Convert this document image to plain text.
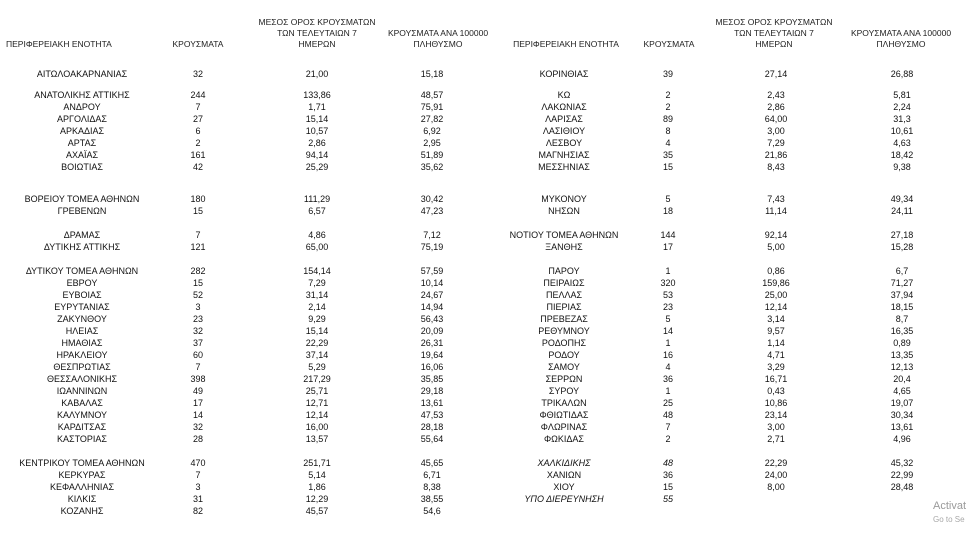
ΠΕΡΙΦΕΡΕΙΑΚΗ ΕΝΟΤΗΤΑ	ΚΡΟΥΣΜΑΤΑ
ΜΕΣΟΣ ΟΡΟΣ ΚΡΟΥΣΜΑΤΩΝ
ΤΩΝ ΤΕΛΕΥΤΑΙΩΝ 7
ΗΜΕΡΩΝ
ΚΡΟΥΣΜΑΤΑ ΑΝΑ 100000
ΠΛΗΘΥΣΜΟ	ΠΕΡΙΦΕΡΕΙΑΚΗ ΕΝΟΤΗΤΑ	ΚΡΟΥΣΜΑΤΑ
ΜΕΣΟΣ ΟΡΟΣ ΚΡΟΥΣΜΑΤΩΝ
ΤΩΝ ΤΕΛΕΥΤΑΙΩΝ 7
ΗΜΕΡΩΝ
ΚΡΟΥΣΜΑΤΑ ΑΝΑ 100000
ΠΛΗΘΥΣΜΟ
ΑΙΤΩΛΟΑΚΑΡΝΑΝΙΑΣ	32	21,00	15,18
ΑΝΑΤΟΛΙΚΗΣ ΑΤΤΙΚΗΣ	244	133,86	48,57
ΑΝΔΡΟΥ	7	1,71	75,91
ΑΡΓΟΛΙΔΑΣ	27	15,14	27,82
ΑΡΚΑΔΙΑΣ	6	10,57	6,92
ΑΡΤΑΣ	2	2,86	2,95
ΑΧΑΪΑΣ	161	94,14	51,89
ΒΟΙΩΤΙΑΣ	42	25,29	35,62
ΒΟΡΕΙΟΥ ΤΟΜΕΑ ΑΘΗΝΩΝ	180	111,29	30,42
ΓΡΕΒΕΝΩΝ	15	6,57	47,23
ΔΡΑΜΑΣ	7	4,86	7,12
ΔΥΤΙΚΗΣ ΑΤΤΙΚΗΣ	121	65,00	75,19
ΔΥΤΙΚΟΥ ΤΟΜΕΑ ΑΘΗΝΩΝ	282	154,14	57,59
ΕΒΡΟΥ	15	7,29	10,14
ΕΥΒΟΙΑΣ	52	31,14	24,67
ΕΥΡΥΤΑΝΙΑΣ	3	2,14	14,94
ΖΑΚΥΝΘΟΥ	23	9,29	56,43
ΗΛΕΙΑΣ	32	15,14	20,09
ΗΜΑΘΙΑΣ	37	22,29	26,31
ΗΡΑΚΛΕΙΟΥ	60	37,14	19,64
ΘΕΣΠΡΩΤΙΑΣ	7	5,29	16,06
ΘΕΣΣΑΛΟΝΙΚΗΣ	398	217,29	35,85
ΙΩΑΝΝΙΝΩΝ	49	25,71	29,18
ΚΑΒΑΛΑΣ	17	12,71	13,61
ΚΑΛΥΜΝΟΥ	14	12,14	47,53
ΚΑΡΔΙΤΣΑΣ	32	16,00	28,18
ΚΑΣΤΟΡΙΑΣ	28	13,57	55,64
ΚΕΝΤΡΙΚΟΥ ΤΟΜΕΑ ΑΘΗΝΩΝ	470	251,71	45,65
ΚΕΡΚΥΡΑΣ	7	5,14	6,71
ΚΕΦΑΛΛΗΝΙΑΣ	3	1,86	8,38
ΚΙΛΚΙΣ	31	12,29	38,55
ΚΟΖΑΝΗΣ	82	45,57	54,6
ΚΟΡΙΝΘΙΑΣ	39	27,14	26,88
ΚΩ	2	2,43	5,81
ΛΑΚΩΝΙΑΣ	2	2,86	2,24
ΛΑΡΙΣΑΣ	89	64,00	31,3
ΛΑΣΙΘΙΟΥ	8	3,00	10,61
ΛΕΣΒΟΥ	4	7,29	4,63
ΜΑΓΝΗΣΙΑΣ	35	21,86	18,42
ΜΕΣΣΗΝΙΑΣ	15	8,43	9,38
ΜΥΚΟΝΟΥ	5	7,43	49,34
ΝΗΣΩΝ	18	11,14	24,11
ΝΟΤΙΟΥ ΤΟΜΕΑ ΑΘΗΝΩΝ	144	92,14	27,18
ΞΑΝΘΗΣ	17	5,00	15,28
ΠΑΡΟΥ	1	0,86	6,7
ΠΕΙΡΑΙΩΣ	320	159,86	71,27
ΠΕΛΛΑΣ	53	25,00	37,94
ΠΙΕΡΙΑΣ	23	12,14	18,15
ΠΡΕΒΕΖΑΣ	5	3,14	8,7
ΡΕΘΥΜΝΟΥ	14	9,57	16,35
ΡΟΔΟΠΗΣ	1	1,14	0,89
ΡΟΔΟΥ	16	4,71	13,35
ΣΑΜΟΥ	4	3,29	12,13
ΣΕΡΡΩΝ	36	16,71	20,4
ΣΥΡΟΥ	1	0,43	4,65
ΤΡΙΚΑΛΩΝ	25	10,86	19,07
ΦΘΙΩΤΙΔΑΣ	48	23,14	30,34
ΦΛΩΡΙΝΑΣ	7	3,00	13,61
ΦΩΚΙΔΑΣ	2	2,71	4,96
ΧΑΛΚΙΔΙΚΗΣ	48	22,29	45,32
ΧΑΝΙΩΝ	36	24,00	22,99
ΧΙΟΥ	15	8,00	28,48
ΥΠΟ ΔΙΕΡΕΥΝΗΣΗ	55
Activat
Go to Se
